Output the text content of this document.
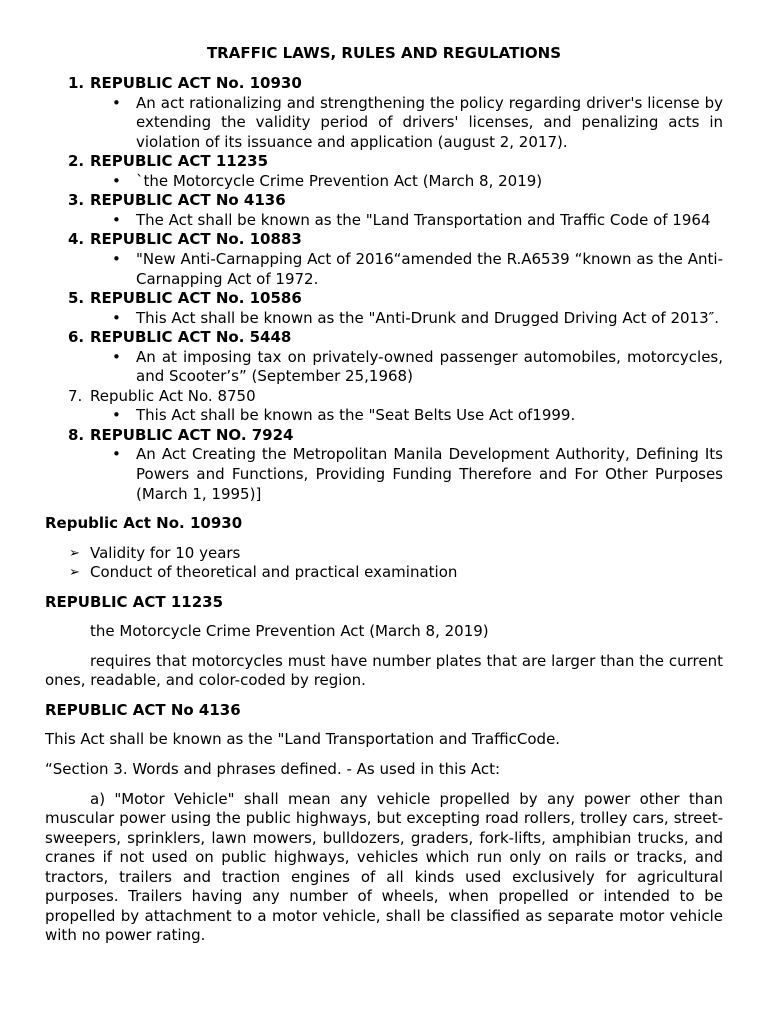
TRAFFIC LAWS, RULES AND REGULATIONS
1. REPUBLIC ACT No. 10930
• An act rationalizing and strengthening the policy regarding driver's license by extending the validity period of drivers' licenses, and penalizing acts in violation of its issuance and application (august 2, 2017).
2. REPUBLIC ACT 11235
• `the Motorcycle Crime Prevention Act (March 8, 2019)
3. REPUBLIC ACT No 4136
• The Act shall be known as the "Land Transportation and Traffic Code of 1964
4. REPUBLIC ACT No. 10883
• "New Anti-Carnapping Act of 2016“amended the R.A6539 “known as the Anti-Carnapping Act of 1972.
5. REPUBLIC ACT No. 10586
• This Act shall be known as the "Anti-Drunk and Drugged Driving Act of 2013″.
6. REPUBLIC ACT No. 5448
• An at imposing tax on privately-owned passenger automobiles, motorcycles, and Scooter’s” (September 25,1968)
7. Republic Act No. 8750
• This Act shall be known as the "Seat Belts Use Act of1999.
8. REPUBLIC ACT NO. 7924
• An Act Creating the Metropolitan Manila Development Authority, Defining Its Powers and Functions, Providing Funding Therefore and For Other Purposes (March 1, 1995)]
Republic Act No. 10930
➢ Validity for 10 years
➢ Conduct of theoretical and practical examination
REPUBLIC ACT 11235
the Motorcycle Crime Prevention Act (March 8, 2019)
requires that motorcycles must have number plates that are larger than the current ones, readable, and color-coded by region.
REPUBLIC ACT No 4136
This Act shall be known as the "Land Transportation and TrafficCode.
“Section 3. Words and phrases defined. - As used in this Act:
a) "Motor Vehicle" shall mean any vehicle propelled by any power other than muscular power using the public highways, but excepting road rollers, trolley cars, street-sweepers, sprinklers, lawn mowers, bulldozers, graders, fork-lifts, amphibian trucks, and cranes if not used on public highways, vehicles which run only on rails or tracks, and tractors, trailers and traction engines of all kinds used exclusively for agricultural purposes. Trailers having any number of wheels, when propelled or intended to be propelled by attachment to a motor vehicle, shall be classified as separate motor vehicle with no power rating.
